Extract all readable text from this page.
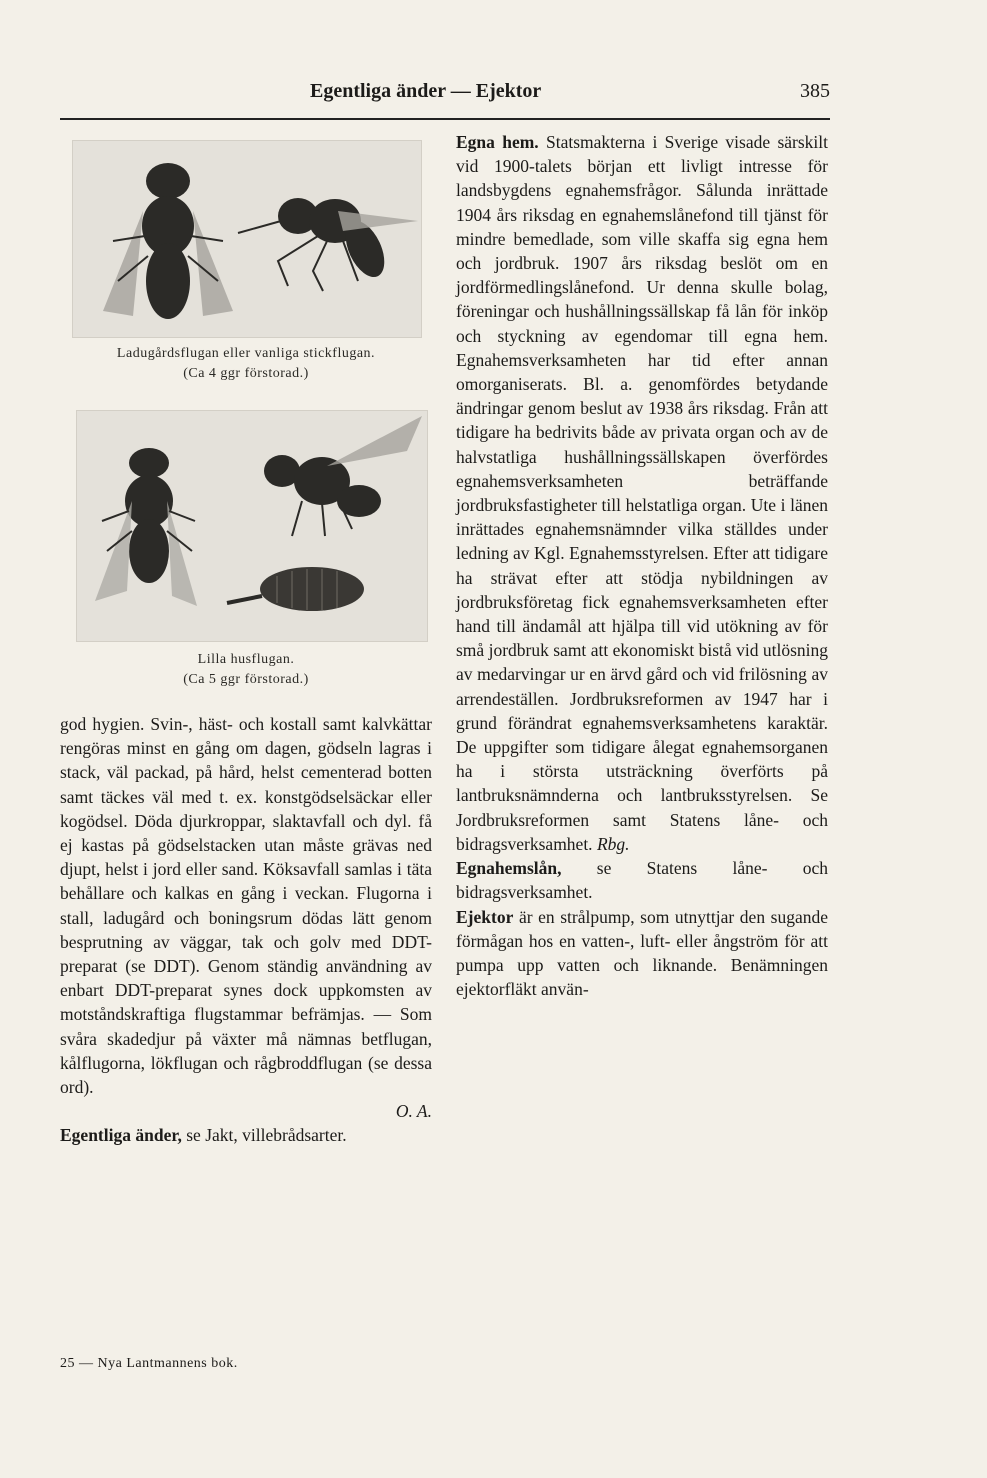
Egentliga änder — Ejektor	385
Ladugårdsflugan eller vanliga stickflugan.
(Ca 4 ggr förstorad.)
Lilla husflugan.
(Ca 5 ggr förstorad.)

god hygien. Svin-, häst- och kostall samt kalvkättar rengöras minst en gång om dagen, gödseln lagras i stack, väl packad, på hård, helst cementerad botten samt täckes väl med t. ex. konstgödselsäckar eller kogödsel. Döda djurkroppar, slaktavfall och dyl. få ej kastas på gödselstacken utan måste grävas ned djupt, helst i jord eller sand. Köksavfall samlas i täta behållare och kalkas en gång i veckan. Flugorna i stall, ladugård och boningsrum dödas lätt genom besprutning av väggar, tak och golv med DDT-preparat (se DDT). Genom ständig användning av enbart DDT-preparat synes dock uppkomsten av motståndskraftiga flugstammar befrämjas. — Som svåra skadedjur på växter må nämnas betflugan, kålflugorna, lökflugan och rågbroddflugan (se dessa ord).

O. A.

Egentliga änder, se Jakt, villebrådsarter.

Egna hem. Statsmakterna i Sverige visade särskilt vid 1900-talets början ett livligt intresse för landsbygdens egnahemsfrågor. Sålunda inrättade 1904 års riksdag en egnahemslånefond till tjänst för mindre bemedlade, som ville skaffa sig egna hem och jordbruk. 1907 års riksdag beslöt om en jordförmedlingslånefond. Ur denna skulle bolag, föreningar och hushållningssällskap få lån för inköp och styckning av egendomar till egna hem. Egnahemsverksamheten har tid efter annan omorganiserats. Bl. a. genomfördes betydande ändringar genom beslut av 1938 års riksdag. Från att tidigare ha bedrivits både av privata organ och av de halvstatliga hushållningssällskapen överfördes egnahemsverksamheten beträffande jordbruksfastigheter till helstatliga organ. Ute i länen inrättades egnahemsnämnder vilka ställdes under ledning av Kgl. Egnahemsstyrelsen. Efter att tidigare ha strävat efter att stödja nybildningen av jordbruksföretag fick egnahemsverksamheten efter hand till ändamål att hjälpa till vid utökning av för små jordbruk samt att ekonomiskt bistå vid utlösning av medarvingar ur en ärvd gård och vid frilösning av arrendeställen. Jordbruksreformen av 1947 har i grund förändrat egnahemsverksamhetens karaktär. De uppgifter som tidigare ålegat egnahemsorganen ha i största utsträckning överförts på lantbruksnämnderna och lantbruksstyrelsen. Se Jordbruksreformen samt Statens låne- och bidragsverksamhet. Rbg.

Egnahemslån, se Statens låne- och bidragsverksamhet.

Ejektor är en strålpump, som utnyttjar den sugande förmågan hos en vatten-, luft- eller ångström för att pumpa upp vatten och liknande. Benämningen ejektorfläkt använ-

25 — Nya Lantmannens bok.
